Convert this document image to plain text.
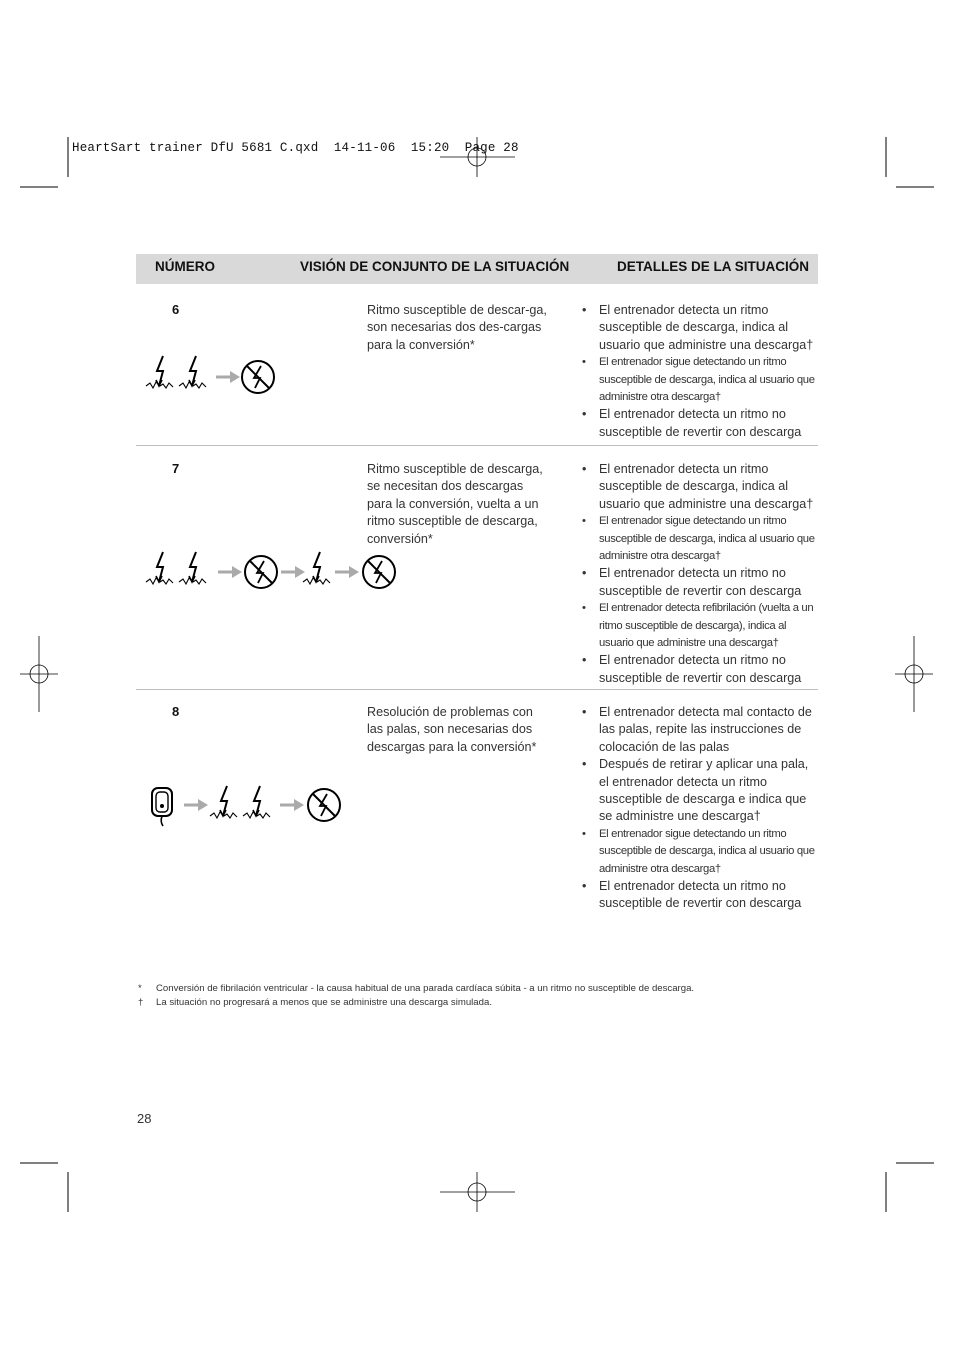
HeartSart trainer DfU 5681 C.qxd  14-11-06  15:20  Page 28
NÚMERO	VISIÓN DE CONJUNTO DE LA SITUACIÓN	DETALLES DE LA SITUACIÓN
6	Ritmo susceptible de descar-ga, son necesarias dos des-cargas para la conversión*
• El entrenador detecta un ritmo susceptible de descarga, indica al usuario que administre una descarga†
• El entrenador sigue detectando un ritmo susceptible de descarga, indica al usuario que administre otra descarga†
• El entrenador detecta un ritmo no susceptible de revertir con descarga
7	Ritmo susceptible de descarga, se necesitan dos descargas para la conversión, vuelta a un ritmo susceptible de descarga, conversión*
• El entrenador detecta un ritmo susceptible de descarga, indica al usuario que administre una descarga†
• El entrenador sigue detectando un ritmo susceptible de descarga, indica al usuario que administre otra descarga†
• El entrenador detecta un ritmo no susceptible de revertir con descarga
• El entrenador detecta refibrilación (vuelta a un ritmo susceptible de descarga), indica al usuario que administre una descarga†
• El entrenador detecta un ritmo no susceptible de revertir con descarga
8	Resolución de problemas con las palas, son necesarias dos descargas para la conversión*
• El entrenador detecta mal contacto de las palas, repite las instrucciones de colocación de las palas
• Después de retirar y aplicar una pala, el entrenador detecta un ritmo susceptible de descarga e indica que se administre une descarga†
• El entrenador sigue detectando un ritmo susceptible de descarga, indica al usuario que administre otra descarga†
• El entrenador detecta un ritmo no susceptible de revertir con descarga
* Conversión de fibrilación ventricular - la causa habitual de una parada cardíaca súbita - a un ritmo no susceptible de descarga.
† La situación no progresará a menos que se administre una descarga simulada.
28
